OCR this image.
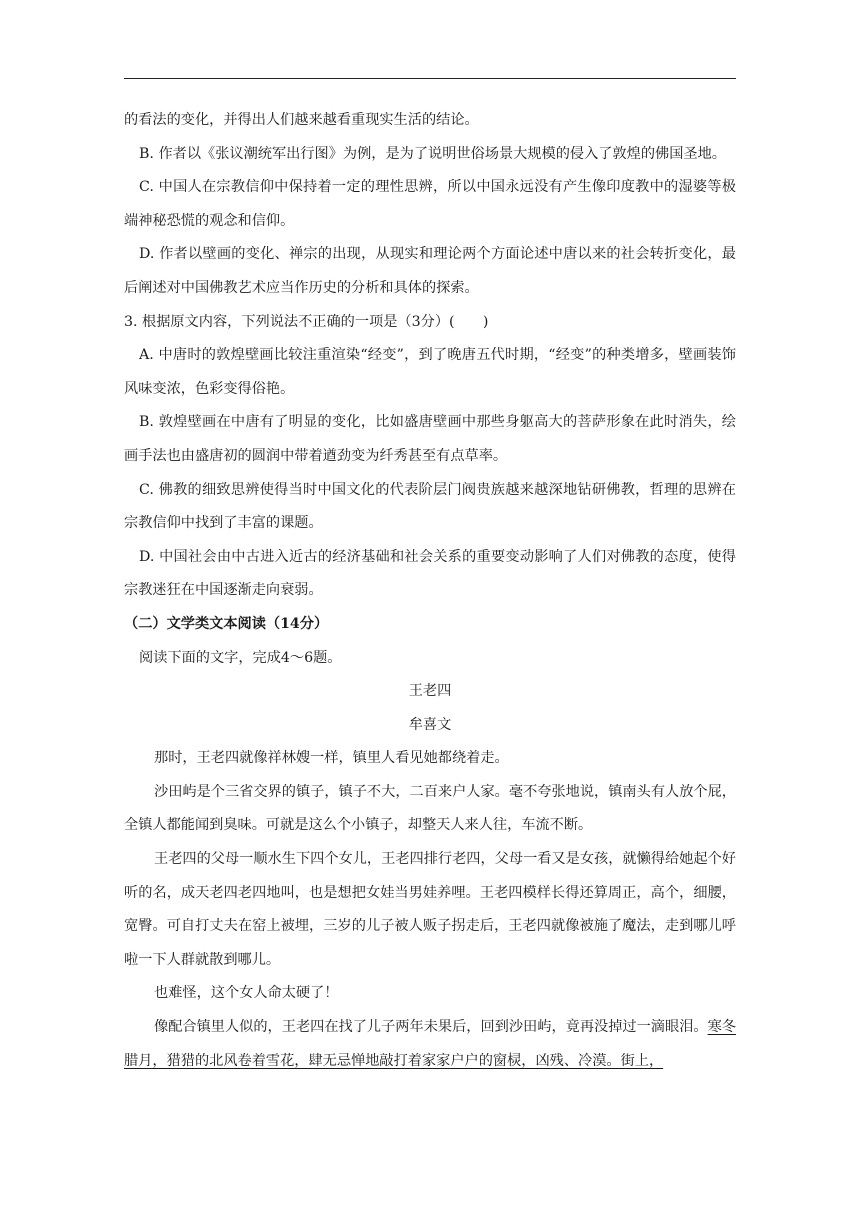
的看法的变化，并得出人们越来越看重现实生活的结论。

B. 作者以《张议潮统军出行图》为例，是为了说明世俗场景大规模的侵入了敦煌的佛国圣地。

C. 中国人在宗教信仰中保持着一定的理性思辨，所以中国永远没有产生像印度教中的湿婆等极端神秘恐慌的观念和信仰。

D. 作者以壁画的变化、禅宗的出现，从现实和理论两个方面论述中唐以来的社会转折变化，最后阐述对中国佛教艺术应当作历史的分析和具体的探索。

3. 根据原文内容，下列说法不正确的一项是（3分）(　　)

A. 中唐时的敦煌壁画比较注重渲染“经变”，到了晚唐五代时期，“经变”的种类增多，壁画装饰风味变浓，色彩变得俗艳。

B. 敦煌壁画在中唐有了明显的变化，比如盛唐壁画中那些身躯高大的菩萨形象在此时消失，绘画手法也由盛唐初的圆润中带着遒劲变为纤秀甚至有点草率。

C. 佛教的细致思辨使得当时中国文化的代表阶层门阀贵族越来越深地钻研佛教，哲理的思辨在宗教信仰中找到了丰富的课题。

D. 中国社会由中古进入近古的经济基础和社会关系的重要变动影响了人们对佛教的态度，使得宗教迷狂在中国逐渐走向衰弱。

（二）文学类文本阅读（14分）

阅读下面的文字，完成4～6题。

王老四

牟喜文

那时，王老四就像祥林嫂一样，镇里人看见她都绕着走。

沙田屿是个三省交界的镇子，镇子不大，二百来户人家。毫不夸张地说，镇南头有人放个屁，全镇人都能闻到臭味。可就是这么个小镇子，却整天人来人往，车流不断。

王老四的父母一顺水生下四个女儿，王老四排行老四，父母一看又是女孩，就懒得给她起个好听的名，成天老四老四地叫，也是想把女娃当男娃养哩。王老四模样长得还算周正，高个，细腰，宽臀。可自打丈夫在窑上被埋，三岁的儿子被人贩子拐走后，王老四就像被施了魔法，走到哪儿呼啦一下人群就散到哪儿。

也难怪，这个女人命太硬了！

像配合镇里人似的，王老四在找了儿子两年未果后，回到沙田屿，竟再没掉过一滴眼泪。寒冬腊月，猎猎的北风卷着雪花，肆无忌惮地敲打着家家户户的窗棂，凶残、冷漠。街上，
